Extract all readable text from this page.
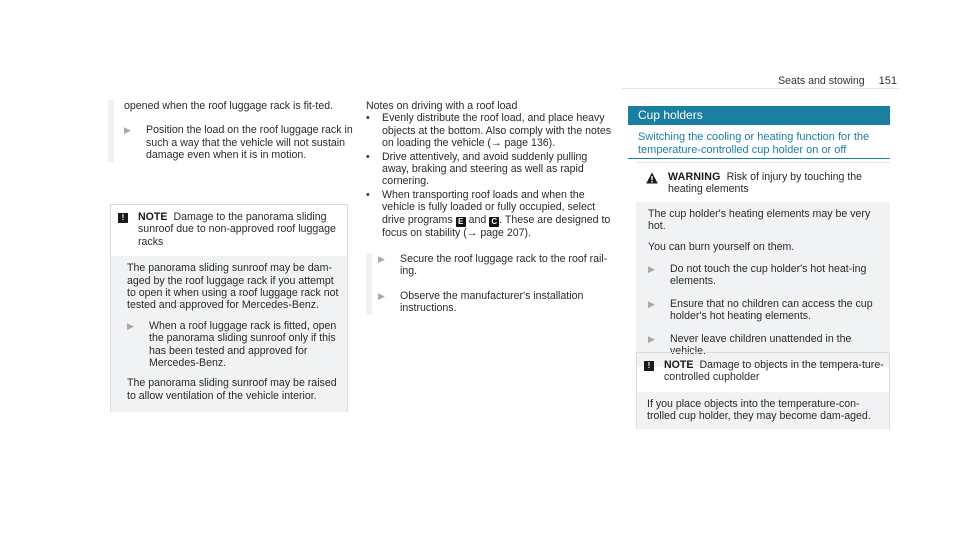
Seats and stowing 151

opened when the roof luggage rack is fit-ted.

▶	Position the load on the roof luggage rack in such a way that the vehicle will not sustain damage even when it is in motion.
!	NOTE Damage to the panorama sliding sunroof due to non-approved roof luggage racks

The panorama sliding sunroof may be dam-aged by the roof luggage rack if you attempt to open it when using a roof luggage rack not tested and approved for Mercedes-Benz.

▶	When a roof luggage rack is fitted, open the panorama sliding sunroof only if this has been tested and approved for Mercedes-Benz.

The panorama sliding sunroof may be raised to allow ventilation of the vehicle interior.

Notes on driving with a roof load
•	Evenly distribute the roof load, and place heavy objects at the bottom. Also comply with the notes on loading the vehicle (→ page 136).
•	Drive attentively, and avoid suddenly pulling away, braking and steering as well as rapid cornering.
•	When transporting roof loads and when the vehicle is fully loaded or fully occupied, select drive programs E and C . These are designed to focus on stability (→ page 207).
▶	Secure the roof luggage rack to the roof rail-ing.
▶	Observe the manufacturer's installation instructions.
Cup holders
Switching the cooling or heating function for the temperature-controlled cup holder on or off
WARNING Risk of injury by touching the heating elements

The cup holder's heating elements may be very hot.

You can burn yourself on them.

▶	Do not touch the cup holder's hot heat-ing elements.
▶	Ensure that no children can access the cup holder's hot heating elements.
▶	Never leave children unattended in the vehicle.
!	NOTE Damage to objects in the tempera-ture-controlled cupholder

If you place objects into the temperature-con-trolled cup holder, they may become dam-aged.
